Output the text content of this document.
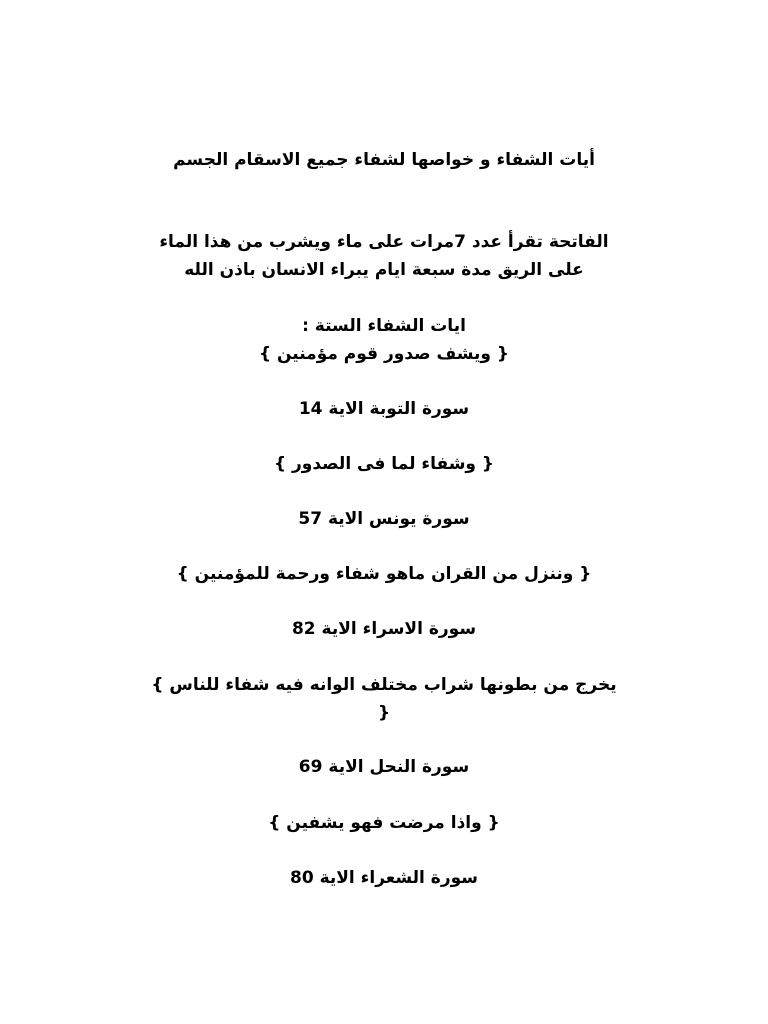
أيات الشفاء و خواصها لشفاء جميع الاسقام الجسم
الفاتحة تقرأ عدد 7مرات على ماء ويشرب من هذا الماء
على الريق مدة سبعة ايام يبراء الانسان باذن الله
ايات الشفاء الستة :
{ ويشف صدور قوم مؤمنين }
سورة التوبة الاية 14
{ وشفاء لما فى الصدور }
سورة يونس الاية 57
{ وننزل من القران ماهو شفاء ورحمة للمؤمنين }
سورة الاسراء الاية 82
يخرج من بطونها شراب مختلف الوانه فيه شفاء للناس }
{
سورة النحل الاية 69
{ واذا مرضت فهو يشفين }
سورة الشعراء الاية 80
